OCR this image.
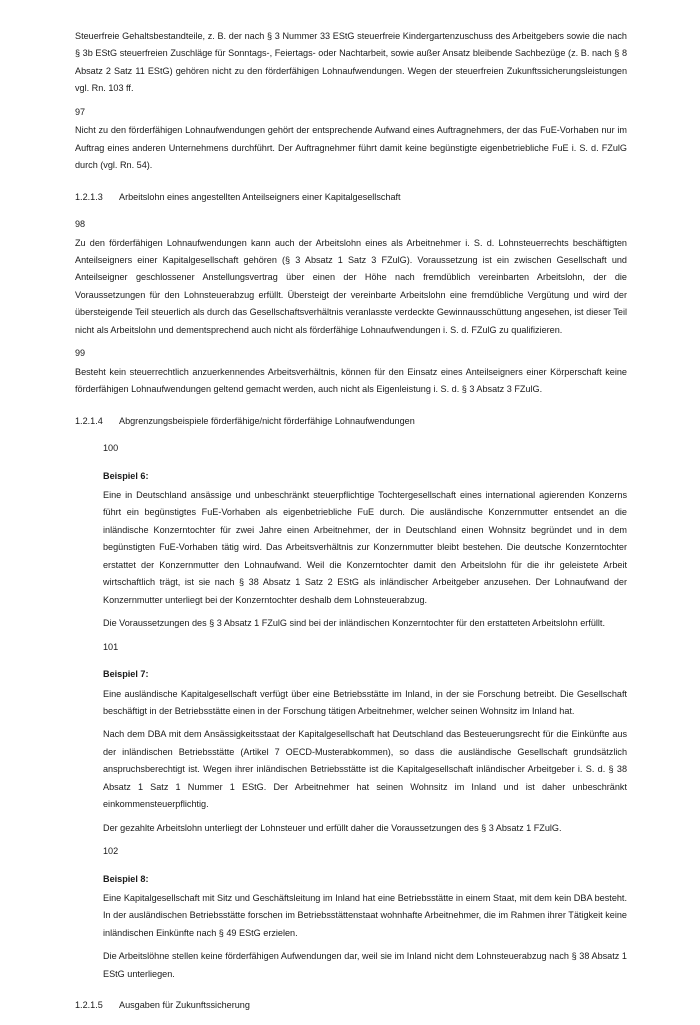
Steuerfreie Gehaltsbestandteile, z. B. der nach § 3 Nummer 33 EStG steuerfreie Kindergartenzuschuss des Arbeitgebers sowie die nach § 3b EStG steuerfreien Zuschläge für Sonntags-, Feiertags- oder Nachtarbeit, sowie außer Ansatz bleibende Sachbezüge (z. B. nach § 8 Absatz 2 Satz 11 EStG) gehören nicht zu den förderfähigen Lohnaufwendungen. Wegen der steuerfreien Zukunftssicherungsleistungen vgl. Rn. 103 ff.

97

Nicht zu den förderfähigen Lohnaufwendungen gehört der entsprechende Aufwand eines Auftragnehmers, der das FuE-Vorhaben nur im Auftrag eines anderen Unternehmens durchführt. Der Auftragnehmer führt damit keine begünstigte eigenbetriebliche FuE i. S. d. FZulG durch (vgl. Rn. 54).

1.2.1.3 Arbeitslohn eines angestellten Anteilseigners einer Kapitalgesellschaft

98

Zu den förderfähigen Lohnaufwendungen kann auch der Arbeitslohn eines als Arbeitnehmer i. S. d. Lohnsteuerrechts beschäftigten Anteilseigners einer Kapitalgesellschaft gehören (§ 3 Absatz 1 Satz 3 FZulG). Voraussetzung ist ein zwischen Gesellschaft und Anteilseigner geschlossener Anstellungsvertrag über einen der Höhe nach fremdüblich vereinbarten Arbeitslohn, der die Voraussetzungen für den Lohnsteuerabzug erfüllt. Übersteigt der vereinbarte Arbeitslohn eine fremdübliche Vergütung und wird der übersteigende Teil steuerlich als durch das Gesellschaftsverhältnis veranlasste verdeckte Gewinnausschüttung angesehen, ist dieser Teil nicht als Arbeitslohn und dementsprechend auch nicht als förderfähige Lohnaufwendungen i. S. d. FZulG zu qualifizieren.

99

Besteht kein steuerrechtlich anzuerkennendes Arbeitsverhältnis, können für den Einsatz eines Anteilseigners einer Körperschaft keine förderfähigen Lohnaufwendungen geltend gemacht werden, auch nicht als Eigenleistung i. S. d. § 3 Absatz 3 FZulG.

1.2.1.4 Abgrenzungsbeispiele förderfähige/nicht förderfähige Lohnaufwendungen

100

Beispiel 6:

Eine in Deutschland ansässige und unbeschränkt steuerpflichtige Tochtergesellschaft eines international agierenden Konzerns führt ein begünstigtes FuE-Vorhaben als eigenbetriebliche FuE durch. Die ausländische Konzernmutter entsendet an die inländische Konzerntochter für zwei Jahre einen Arbeitnehmer, der in Deutschland einen Wohnsitz begründet und in dem begünstigten FuE-Vorhaben tätig wird. Das Arbeitsverhältnis zur Konzernmutter bleibt bestehen. Die deutsche Konzerntochter erstattet der Konzernmutter den Lohnaufwand. Weil die Konzerntochter damit den Arbeitslohn für die ihr geleistete Arbeit wirtschaftlich trägt, ist sie nach § 38 Absatz 1 Satz 2 EStG als inländischer Arbeitgeber anzusehen. Der Lohnaufwand der Konzernmutter unterliegt bei der Konzerntochter deshalb dem Lohnsteuerabzug.

Die Voraussetzungen des § 3 Absatz 1 FZulG sind bei der inländischen Konzerntochter für den erstatteten Arbeitslohn erfüllt.

101

Beispiel 7:

Eine ausländische Kapitalgesellschaft verfügt über eine Betriebsstätte im Inland, in der sie Forschung betreibt. Die Gesellschaft beschäftigt in der Betriebsstätte einen in der Forschung tätigen Arbeitnehmer, welcher seinen Wohnsitz im Inland hat.

Nach dem DBA mit dem Ansässigkeitsstaat der Kapitalgesellschaft hat Deutschland das Besteuerungsrecht für die Einkünfte aus der inländischen Betriebsstätte (Artikel 7 OECD-Musterabkommen), so dass die ausländische Gesellschaft grundsätzlich anspruchsberechtigt ist. Wegen ihrer inländischen Betriebsstätte ist die Kapitalgesellschaft inländischer Arbeitgeber i. S. d. § 38 Absatz 1 Satz 1 Nummer 1 EStG. Der Arbeitnehmer hat seinen Wohnsitz im Inland und ist daher unbeschränkt einkommensteuerpflichtig.

Der gezahlte Arbeitslohn unterliegt der Lohnsteuer und erfüllt daher die Voraussetzungen des § 3 Absatz 1 FZulG.

102

Beispiel 8:

Eine Kapitalgesellschaft mit Sitz und Geschäftsleitung im Inland hat eine Betriebsstätte in einem Staat, mit dem kein DBA besteht. In der ausländischen Betriebsstätte forschen im Betriebsstättenstaat wohnhafte Arbeitnehmer, die im Rahmen ihrer Tätigkeit keine inländischen Einkünfte nach § 49 EStG erzielen.

Die Arbeitslöhne stellen keine förderfähigen Aufwendungen dar, weil sie im Inland nicht dem Lohnsteuerabzug nach § 38 Absatz 1 EStG unterliegen.

1.2.1.5 Ausgaben für Zukunftssicherung
